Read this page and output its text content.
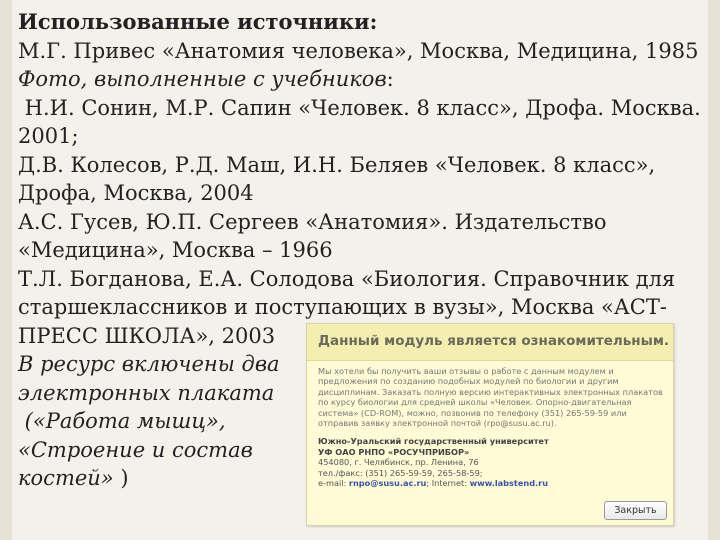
Использованные источники:

М.Г. Привес «Анатомия человека», Москва, Медицина, 1985

Фото, выполненные с учебников:

Н.И. Сонин, М.Р. Сапин «Человек. 8 класс», Дрофа. Москва.

2001;

Д.В. Колесов, Р.Д. Маш, И.Н. Беляев «Человек. 8 класс»,

Дрофа, Москва, 2004

А.С. Гусев, Ю.П. Сергеев «Анатомия». Издательство

«Медицина», Москва – 1966

Т.Л. Богданова, Е.А. Солодова «Биология. Справочник для

старшеклассников и поступающих в вузы», Москва «АСТ-

ПРЕСС ШКОЛА», 2003

В ресурс включены два

электронных плаката

(«Работа мышц»,

«Строение и состав

костей» )

Данный модуль является ознакомительным.

Мы хотели бы получить ваши отзывы о работе с данным модулем и предложения по созданию подобных модулей по биологии и другим дисциплинам. Заказать полную версию интерактивных электронных плакатов по курсу биологии для средней школы «Человек. Опорно-двигательная система» (CD-ROM), можно, позвонив по телефону (351) 265-59-59 или отправив заявку электронной почтой (rpo@susu.ac.ru).

Южно-Уральский государственный университет

УФ ОАО РНПО «РОСУЧПРИБОР»

454080, г. Челябинск, пр. Ленина, 76

тел./факс: (351) 265-59-59, 265-58-59;

e-mail: rnpo@susu.ac.ru; Internet: www.labstend.ru

Закрыть
